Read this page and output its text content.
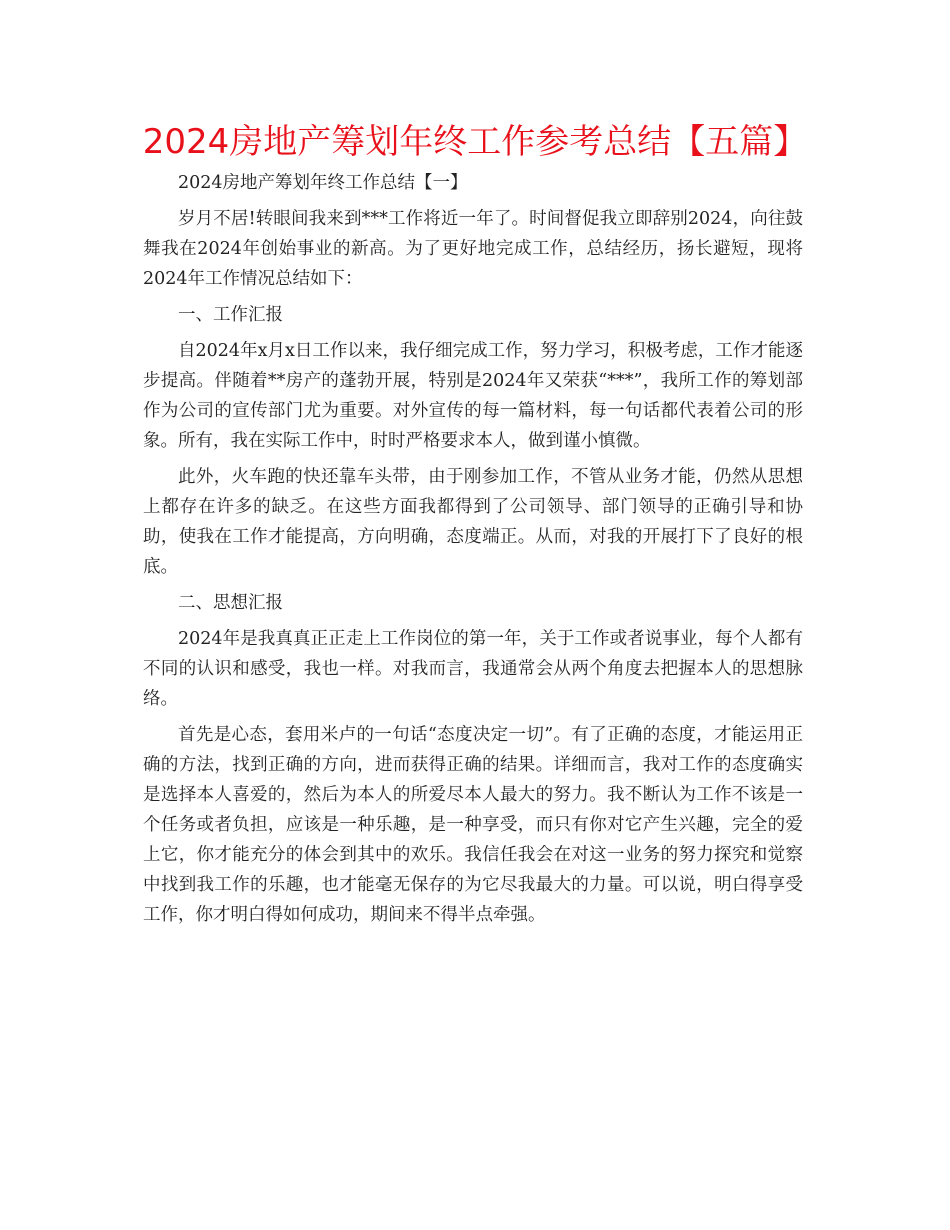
2024房地产筹划年终工作参考总结【五篇】

2024房地产筹划年终工作总结【一】

岁月不居!转眼间我来到***工作将近一年了。时间督促我立即辞别2024，向往鼓舞我在2024年创始事业的新高。为了更好地完成工作，总结经历，扬长避短，现将2024年工作情况总结如下：

一、工作汇报

自2024年x月x日工作以来，我仔细完成工作，努力学习，积极考虑，工作才能逐步提高。伴随着**房产的蓬勃开展，特别是2024年又荣获“***”，我所工作的筹划部作为公司的宣传部门尤为重要。对外宣传的每一篇材料，每一句话都代表着公司的形象。所有，我在实际工作中，时时严格要求本人，做到谨小慎微。

此外，火车跑的快还靠车头带，由于刚参加工作，不管从业务才能，仍然从思想上都存在许多的缺乏。在这些方面我都得到了公司领导、部门领导的正确引导和协助，使我在工作才能提高，方向明确，态度端正。从而，对我的开展打下了良好的根底。

二、思想汇报

2024年是我真真正正走上工作岗位的第一年，关于工作或者说事业，每个人都有不同的认识和感受，我也一样。对我而言，我通常会从两个角度去把握本人的思想脉络。

首先是心态，套用米卢的一句话“态度决定一切”。有了正确的态度，才能运用正确的方法，找到正确的方向，进而获得正确的结果。详细而言，我对工作的态度确实是选择本人喜爱的，然后为本人的所爱尽本人最大的努力。我不断认为工作不该是一个任务或者负担，应该是一种乐趣，是一种享受，而只有你对它产生兴趣，完全的爱上它，你才能充分的体会到其中的欢乐。我信任我会在对这一业务的努力探究和觉察中找到我工作的乐趣，也才能毫无保存的为它尽我最大的力量。可以说，明白得享受工作，你才明白得如何成功，期间来不得半点牵强。
